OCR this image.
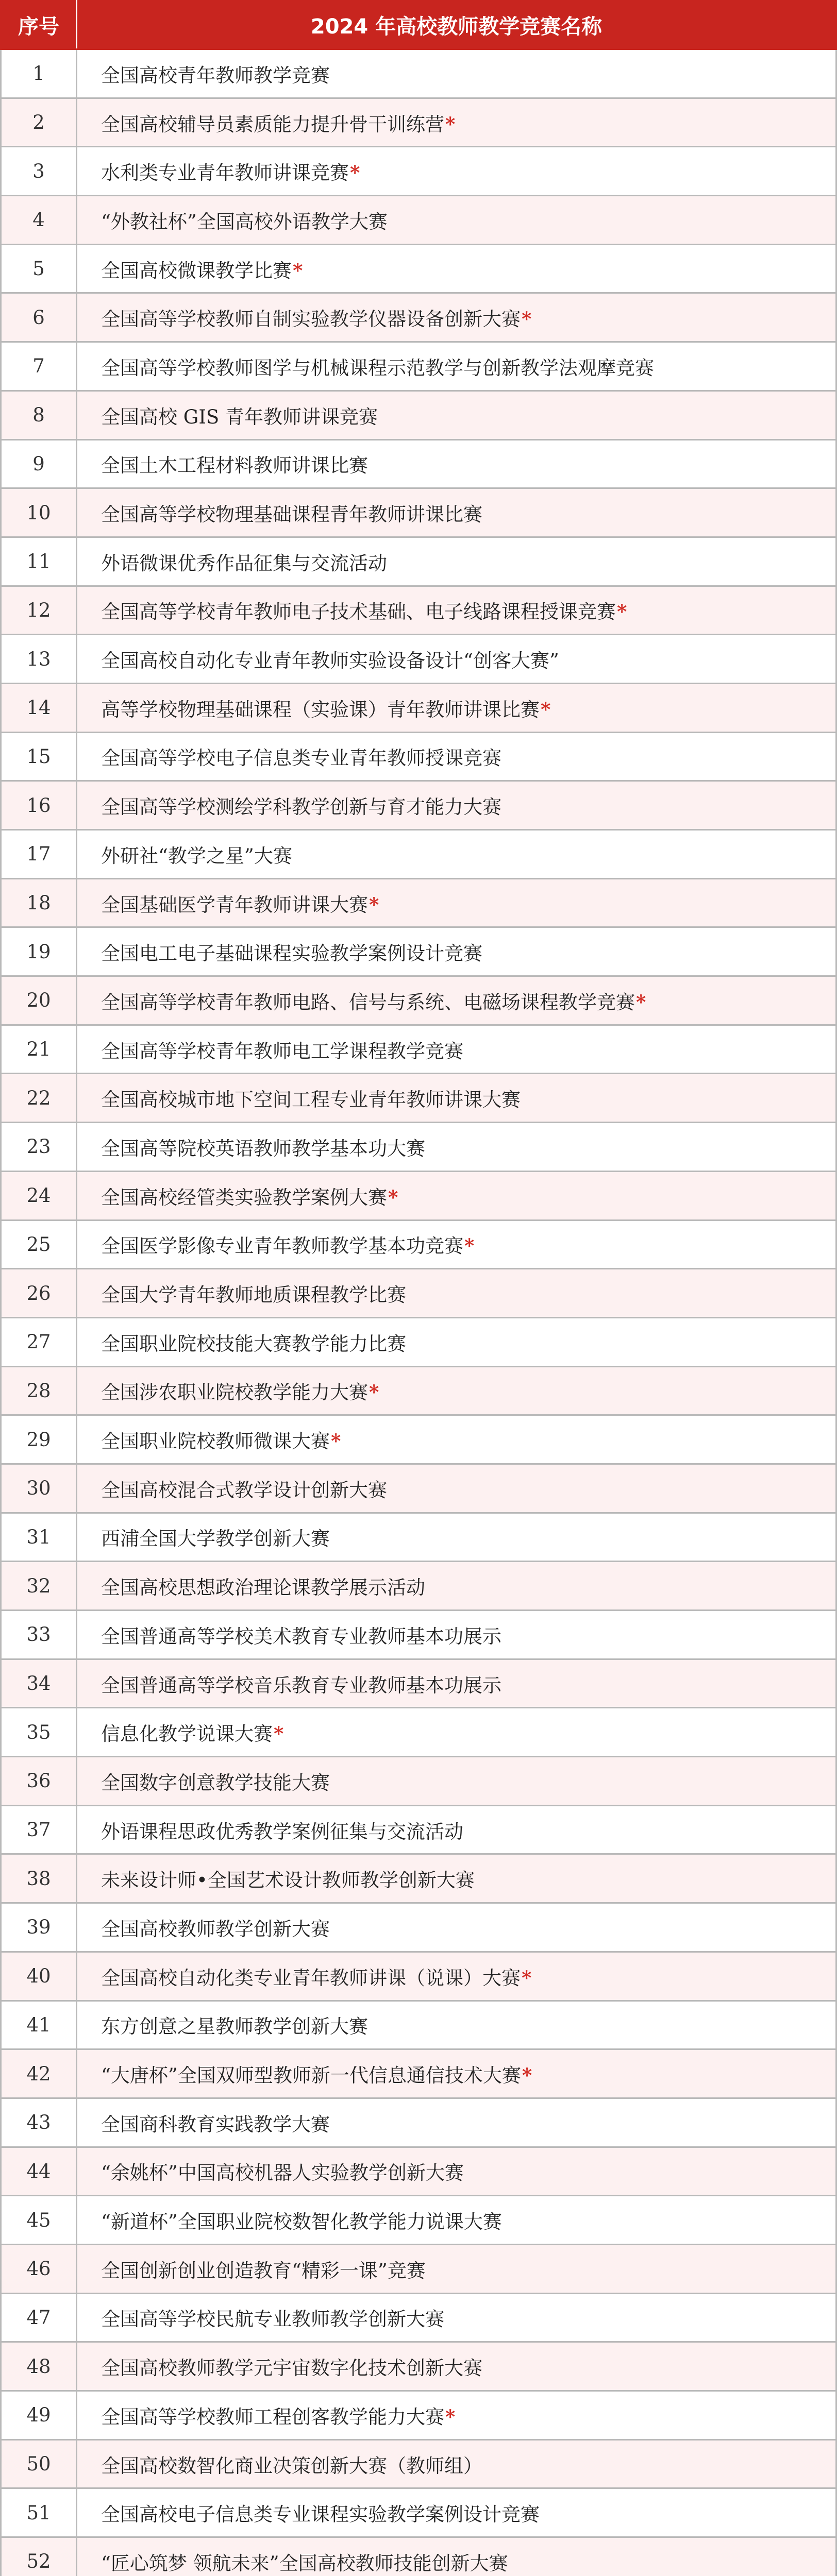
序号	2024 年高校教师教学竞赛名称
1	全国高校青年教师教学竞赛
2	全国高校辅导员素质能力提升骨干训练营*
3	水利类专业青年教师讲课竞赛*
4	“外教社杯”全国高校外语教学大赛
5	全国高校微课教学比赛*
6	全国高等学校教师自制实验教学仪器设备创新大赛*
7	全国高等学校教师图学与机械课程示范教学与创新教学法观摩竞赛
8	全国高校 GIS 青年教师讲课竞赛
9	全国土木工程材料教师讲课比赛
10	全国高等学校物理基础课程青年教师讲课比赛
11	外语微课优秀作品征集与交流活动
12	全国高等学校青年教师电子技术基础、电子线路课程授课竞赛*
13	全国高校自动化专业青年教师实验设备设计“创客大赛”
14	高等学校物理基础课程（实验课）青年教师讲课比赛*
15	全国高等学校电子信息类专业青年教师授课竞赛
16	全国高等学校测绘学科教学创新与育才能力大赛
17	外研社“教学之星”大赛
18	全国基础医学青年教师讲课大赛*
19	全国电工电子基础课程实验教学案例设计竞赛
20	全国高等学校青年教师电路、信号与系统、电磁场课程教学竞赛*
21	全国高等学校青年教师电工学课程教学竞赛
22	全国高校城市地下空间工程专业青年教师讲课大赛
23	全国高等院校英语教师教学基本功大赛
24	全国高校经管类实验教学案例大赛*
25	全国医学影像专业青年教师教学基本功竞赛*
26	全国大学青年教师地质课程教学比赛
27	全国职业院校技能大赛教学能力比赛
28	全国涉农职业院校教学能力大赛*
29	全国职业院校教师微课大赛*
30	全国高校混合式教学设计创新大赛
31	西浦全国大学教学创新大赛
32	全国高校思想政治理论课教学展示活动
33	全国普通高等学校美术教育专业教师基本功展示
34	全国普通高等学校音乐教育专业教师基本功展示
35	信息化教学说课大赛*
36	全国数字创意教学技能大赛
37	外语课程思政优秀教学案例征集与交流活动
38	未来设计师•全国艺术设计教师教学创新大赛
39	全国高校教师教学创新大赛
40	全国高校自动化类专业青年教师讲课（说课）大赛*
41	东方创意之星教师教学创新大赛
42	“大唐杯”全国双师型教师新一代信息通信技术大赛*
43	全国商科教育实践教学大赛
44	“余姚杯”中国高校机器人实验教学创新大赛
45	“新道杯”全国职业院校数智化教学能力说课大赛
46	全国创新创业创造教育“精彩一课”竞赛
47	全国高等学校民航专业教师教学创新大赛
48	全国高校教师教学元宇宙数字化技术创新大赛
49	全国高等学校教师工程创客教学能力大赛*
50	全国高校数智化商业决策创新大赛（教师组）
51	全国高校电子信息类专业课程实验教学案例设计竞赛
52	“匠心筑梦 领航未来”全国高校教师技能创新大赛
